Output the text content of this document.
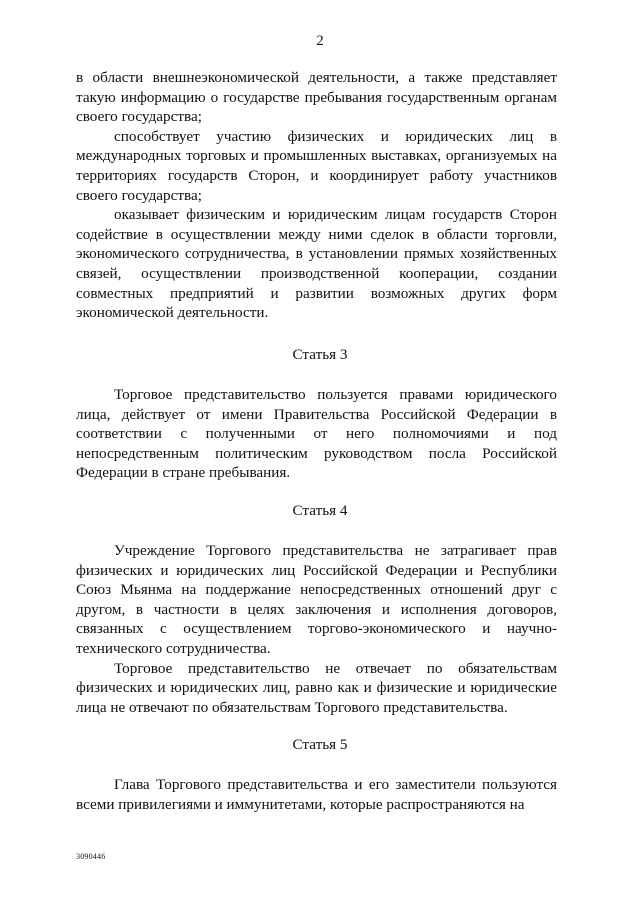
2

в области внешнеэкономической деятельности, а также представляет такую информацию о государстве пребывания государственным органам своего государства;

способствует участию физических и юридических лиц в международных торговых и промышленных выставках, организуемых на территориях государств Сторон, и координирует работу участников своего государства;

оказывает физическим и юридическим лицам государств Сторон содействие в осуществлении между ними сделок в области торговли, экономического сотрудничества, в установлении прямых хозяйственных связей, осуществлении производственной кооперации, создании совместных предприятий и развитии возможных других форм экономической деятельности.

Статья 3

Торговое представительство пользуется правами юридического лица, действует от имени Правительства Российской Федерации в соответствии с полученными от него полномочиями и под непосредственным политическим руководством посла Российской Федерации в стране пребывания.

Статья 4

Учреждение Торгового представительства не затрагивает прав физических и юридических лиц Российской Федерации и Республики Союз Мьянма на поддержание непосредственных отношений друг с другом, в частности в целях заключения и исполнения договоров, связанных с осуществлением торгово-экономического и научно-технического сотрудничества.

Торговое представительство не отвечает по обязательствам физических и юридических лиц, равно как и физические и юридические лица не отвечают по обязательствам Торгового представительства.

Статья 5

Глава Торгового представительства и его заместители пользуются всеми привилегиями и иммунитетами, которые распространяются на

3090446
